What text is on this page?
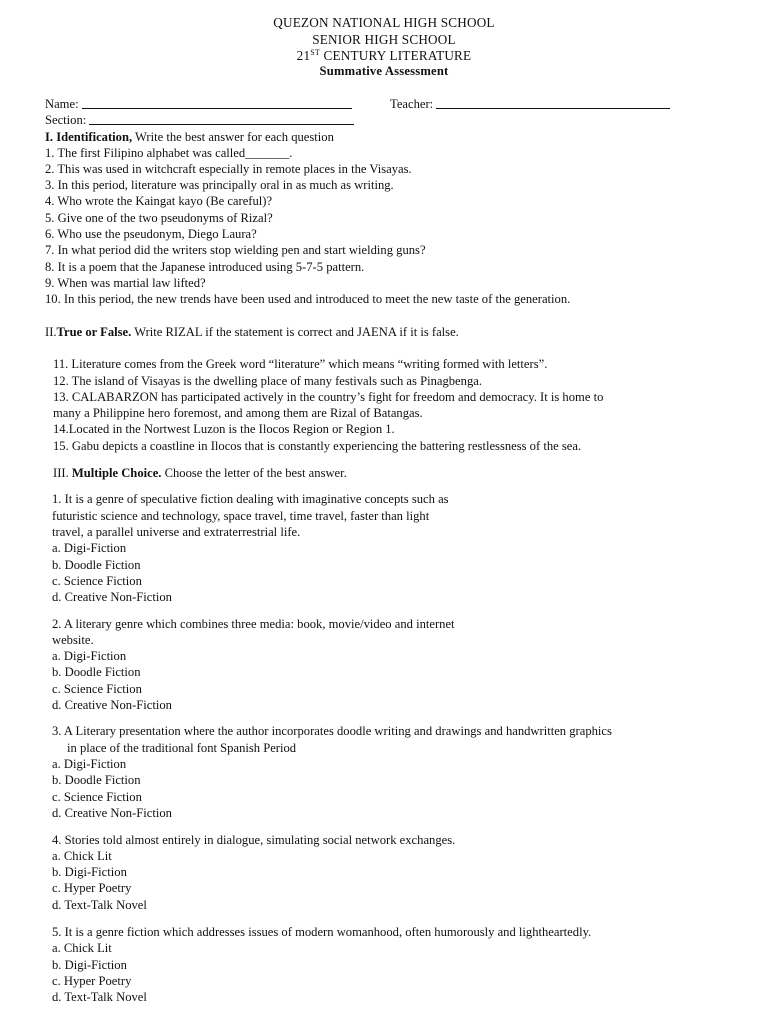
QUEZON NATIONAL HIGH SCHOOL
SENIOR HIGH SCHOOL
21ST CENTURY LITERATURE
Summative Assessment
Name:	Teacher:
Section:
I. Identification, Write the best answer for each question
1. The first Filipino alphabet was called_______.
2. This was used in witchcraft especially in remote places in the Visayas.
3. In this period, literature was principally oral in as much as writing.
4. Who wrote the Kaingat kayo (Be careful)?
5. Give one of the two pseudonyms of Rizal?
6. Who use the pseudonym, Diego Laura?
7. In what period did the writers stop wielding pen and start wielding guns?
8. It is a poem that the Japanese introduced using 5-7-5 pattern.
9. When was martial law lifted?
10. In this period, the new trends have been used and introduced to meet the new taste of the generation.
II.True or False. Write RIZAL if the statement is correct and JAENA if it is false.
11. Literature comes from the Greek word “literature” which means “writing formed with letters”.
12. The island of Visayas is the dwelling place of many festivals such as Pinagbenga.
13. CALABARZON has participated actively in the country’s fight for freedom and democracy. It is home to
many a Philippine hero foremost, and among them are Rizal of Batangas.
14.Located in the Nortwest Luzon is the Ilocos Region or Region 1.
15. Gabu depicts a coastline in Ilocos that is constantly experiencing the battering restlessness of the sea.
III. Multiple Choice. Choose the letter of the best answer.
1. It is a genre of speculative fiction dealing with imaginative concepts such as
futuristic science and technology, space travel, time travel, faster than light
travel, a parallel universe and extraterrestrial life.
a. Digi-Fiction
b. Doodle Fiction
c. Science Fiction
d. Creative Non-Fiction
2. A literary genre which combines three media: book, movie/video and internet
website.
a. Digi-Fiction
b. Doodle Fiction
c. Science Fiction
d. Creative Non-Fiction
3. A Literary presentation where the author incorporates doodle writing and drawings and handwritten graphics
in place of the traditional font Spanish Period
a. Digi-Fiction
b. Doodle Fiction
c. Science Fiction
d. Creative Non-Fiction
4. Stories told almost entirely in dialogue, simulating social network exchanges.
a. Chick Lit
b. Digi-Fiction
c. Hyper Poetry
d. Text-Talk Novel
5. It is a genre fiction which addresses issues of modern womanhood, often humorously and lightheartedly.
a. Chick Lit
b. Digi-Fiction
c. Hyper Poetry
d. Text-Talk Novel
